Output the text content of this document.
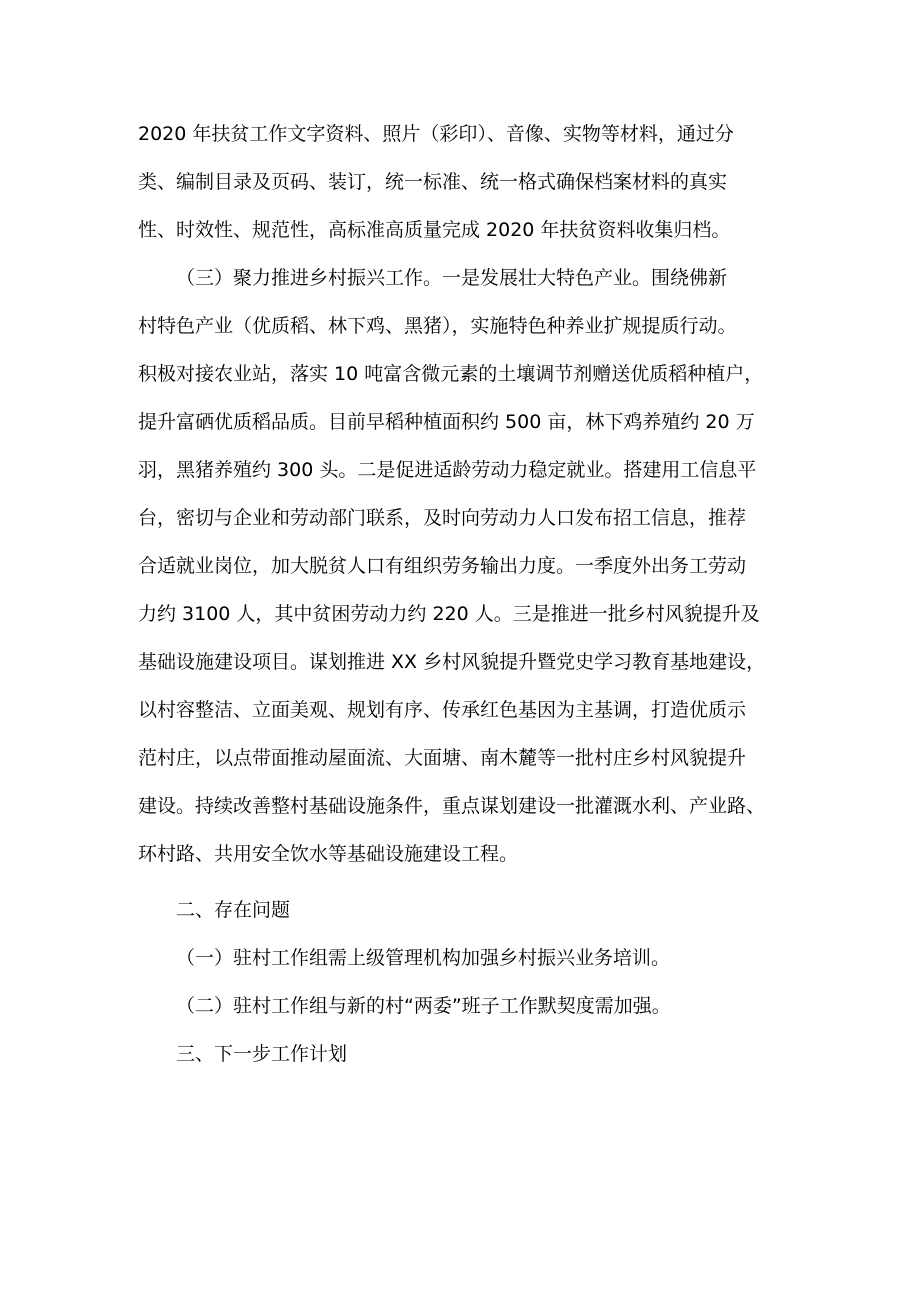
2020 年扶贫工作文字资料、照片（彩印）、音像、实物等材料，通过分

类、编制目录及页码、装订，统一标准、统一格式确保档案材料的真实

性、时效性、规范性，高标准高质量完成 2020 年扶贫资料收集归档。

（三）聚力推进乡村振兴工作。一是发展壮大特色产业。围绕佛新

村特色产业（优质稻、林下鸡、黑猪），实施特色种养业扩规提质行动。

积极对接农业站，落实 10 吨富含微元素的土壤调节剂赠送优质稻种植户，

提升富硒优质稻品质。目前早稻种植面积约 500 亩，林下鸡养殖约 20 万

羽，黑猪养殖约 300 头。二是促进适龄劳动力稳定就业。搭建用工信息平

台，密切与企业和劳动部门联系，及时向劳动力人口发布招工信息，推荐

合适就业岗位，加大脱贫人口有组织劳务输出力度。一季度外出务工劳动

力约 3100 人，其中贫困劳动力约 220 人。三是推进一批乡村风貌提升及

基础设施建设项目。谋划推进 XX 乡村风貌提升暨党史学习教育基地建设，

以村容整洁、立面美观、规划有序、传承红色基因为主基调，打造优质示

范村庄，以点带面推动屋面流、大面塘、南木麓等一批村庄乡村风貌提升

建设。持续改善整村基础设施条件，重点谋划建设一批灌溉水利、产业路、

环村路、共用安全饮水等基础设施建设工程。

二、存在问题

（一）驻村工作组需上级管理机构加强乡村振兴业务培训。

（二）驻村工作组与新的村“两委”班子工作默契度需加强。

三、下一步工作计划
